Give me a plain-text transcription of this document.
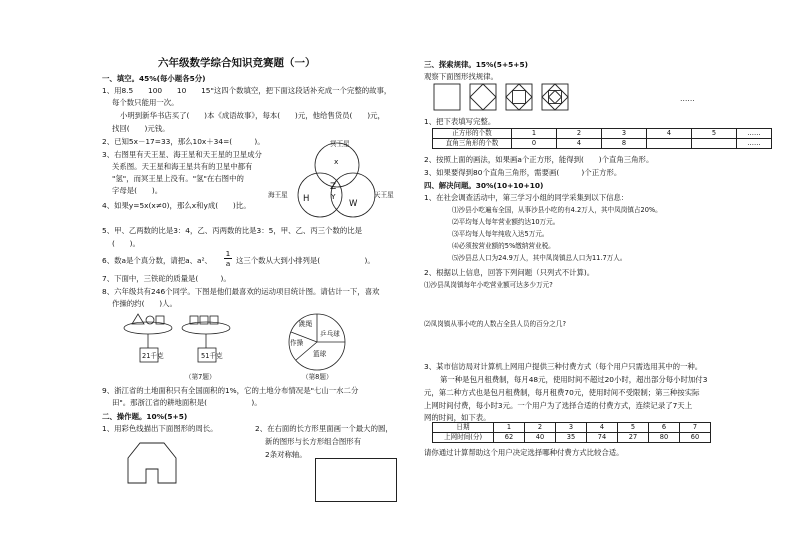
六年级数学综合知识竞赛题（一）
一、填空。45%(每小题各5分)
1、用8.5　　100　　10　　15"这四个数填空，把下面这段话补充成一个完整的故事，
每个数只能用一次。
小明到新华书店买了(　　)本《成语故事》，每本(　　)元，他给售货员(　　)元，
找回(　　)元钱。
2、已知5x－17=33，那么10x＋34=(　　　)。
3、右图里有天王星、海王星和天王星的卫星成分
关系图。天王星和海王星共有的卫星中都有
"氢"，而冥王星上没有。"氢"在右图中的
字母是(　　)。
4、如果y=5x(x≠0)，那么x和y成(　　)比。
5、甲、乙两数的比是3：4，乙、丙两数的比是3：5，甲、乙、丙三个数的比是
(　　)。
6、数a是个真分数，请把a、a²、 $\frac{1}{a}$ 这三个数从大到小排列是(　　　　　　)。
7、下面中，三铁砣的质量是(　　　)。
8、六年级共有246个同学。下图是他们最喜欢的运动项目统计图。请估计一下，喜欢
作操的约(　　)人。
冥王星
海王星	天王星
x
Z
Y
H	W
21千克	51千克
（第7题）
跳绳
乒乓球
篮球
作操
（第8题）
9、浙江省的土地面积只有全国面积的1%，它的土地分布情况是"七山一水二分
田"。那浙江省的耕地面积是(　　　　　　)。
二、操作题。10%(5+5)
1、用彩色线描出下面图形的周长。	2、在右面的长方形里面画一个最大的圆，
新的图形与长方形组合图形有
2条对称轴。
三、探索规律。15%(5+5+5)
观察下面图形找规律。
……
1、把下表填写完整。
正方形的个数	1	2	3	4	5	……
直角三角形的个数	0	4	8			……
2、按照上面的画法，如果画a个正方形，能得到(　　)个直角三角形。
3、如果要得到80个直角三角形，需要画(　　　)个正方形。
四、解决问题。30%(10+10+10)
1、在社会调查活动中，第三学习小组的同学采集到以下信息：
⑴沙县小吃遍布全国，从事沙县小吃的有4.2万人，其中凤岗镇占20%。
⑵平均每人每年营业额约达10万元。
⑶平均每人每年纯收入达5万元。
⑷必须按营业额的5%缴纳营业税。
⑸沙县总人口为24.9万人，其中凤岗镇总人口为11.7万人。
2、根据以上信息，回答下列问题（只列式不计算)。
⑴沙县凤岗镇每年小吃营业额可达多少万元?
⑵凤岗镇从事小吃的人数占全县人员的百分之几?
3、某市信访局对计算机上网用户提供三种付费方式（每个用户只需选用其中的一种。
第一种是包月租费制，每月48元，使用时间不超过20小时，超出部分每小时加付3
元，第二种方式也是包月租费制，每月租费70元，使用时间不受限制；第三种按实际
上网时间付费，每小时3元。一个用户为了选择合适的付费方式，连续记录了7天上
网的时间，如下表。
日期	1	2	3	4	5	6	7
上网时间(分)	62	40	35	74	27	80	60
请你通过计算帮助这个用户决定选择哪种付费方式比较合适。
